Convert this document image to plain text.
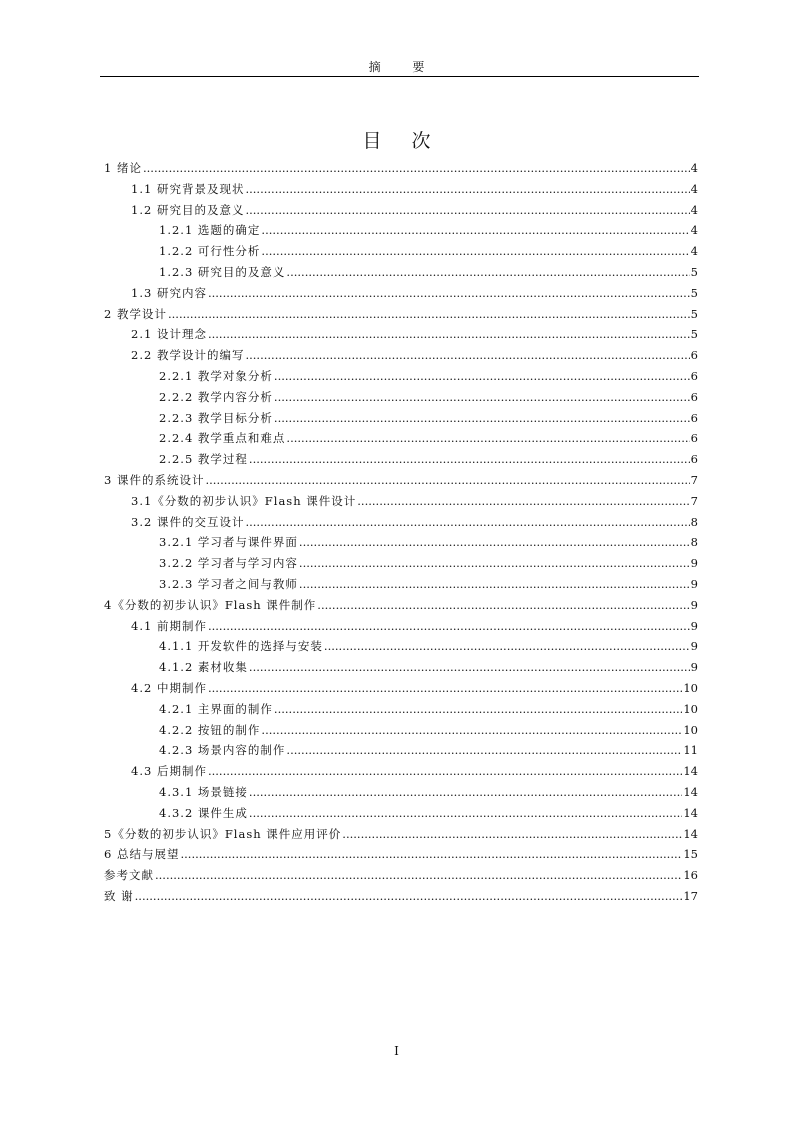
摘 要
目 次
1 绪论 .....	4
1.1 研究背景及现状 .....	4
1.2 研究目的及意义 .....	4
1.2.1 选题的确定 .....	4
1.2.2 可行性分析 .....	4
1.2.3 研究目的及意义 .....	5
1.3 研究内容 .....	5
2 教学设计 .....	5
2.1 设计理念 .....	5
2.2 教学设计的编写 .....	6
2.2.1 教学对象分析 .....	6
2.2.2 教学内容分析 .....	6
2.2.3 教学目标分析 .....	6
2.2.4 教学重点和难点 .....	6
2.2.5 教学过程 .....	6
3 课件的系统设计 .....	7
3.1《分数的初步认识》Flash 课件设计 .....	7
3.2 课件的交互设计 .....	8
3.2.1 学习者与课件界面 .....	8
3.2.2 学习者与学习内容 .....	9
3.2.3 学习者之间与教师 .....	9
4《分数的初步认识》Flash 课件制作 .....	9
4.1 前期制作 .....	9
4.1.1 开发软件的选择与安装 .....	9
4.1.2 素材收集 .....	9
4.2 中期制作 .....	10
4.2.1 主界面的制作 .....	10
4.2.2 按钮的制作 .....	10
4.2.3 场景内容的制作 .....	11
4.3 后期制作 .....	14
4.3.1 场景链接 .....	14
4.3.2 课件生成 .....	14
5《分数的初步认识》Flash 课件应用评价 .....	14
6 总结与展望 .....	15
参考文献 .....	16
致 谢 .....	17
I
